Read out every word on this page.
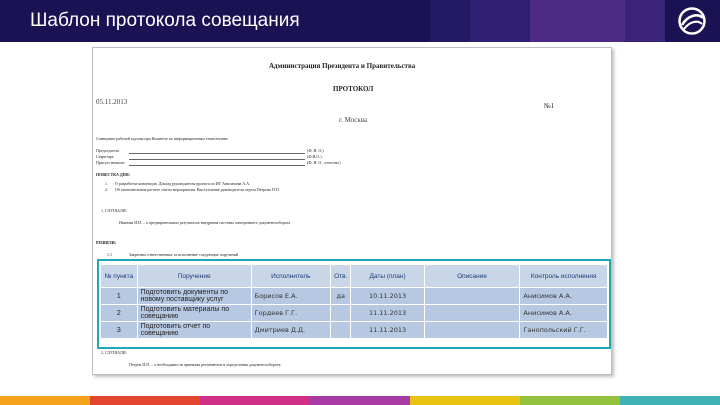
Шаблон протокола совещания
Администрация Президента и Правительства
ПРОТОКОЛ
05.11.2013	№1
г. Москва
Совещание рабочей группы при Комитете по информационным технологиям
Председатель	(Ф. И. О.)
Секретарь	(Ф.И.О.)
Присутствовали:	(Ф. И. О., отчество)
ПОВЕСТКА ДНЯ:
1. О разработке концепции. Доклад руководителя проекта по ИТ Анисимова А.А.
2. Об окончательном расчете сметы мероприятия. Выступление руководителя отдела Петрова П.П.
1. СЛУШАЛИ:
Иванова И.И. – о предварительных результатах внедрения системы электронного документооборота
РЕШИЛИ:
1.1	Закрепить ответственных за исполнение следующих поручений
2. СЛУШАЛИ:
Петров П.П. – о необходимости принятия регламентов и определения документооборота.
№ пункта	Поручение	Исполнитель	Отв.	Даты (план)	Описание	Контроль исполнения
1	Подготовить документы по новому поставщику услуг	Борисов Е.А.	да	10.11.2013		Анисимов А.А.
2	Подготовить материалы по совещанию	Гордеев Г.Г.		11.11.2013		Анисимов А.А.
3	Подготовить отчет по совещанию	Дмитриев Д.Д.		11.11.2013		Ганопольский Г.Г.
